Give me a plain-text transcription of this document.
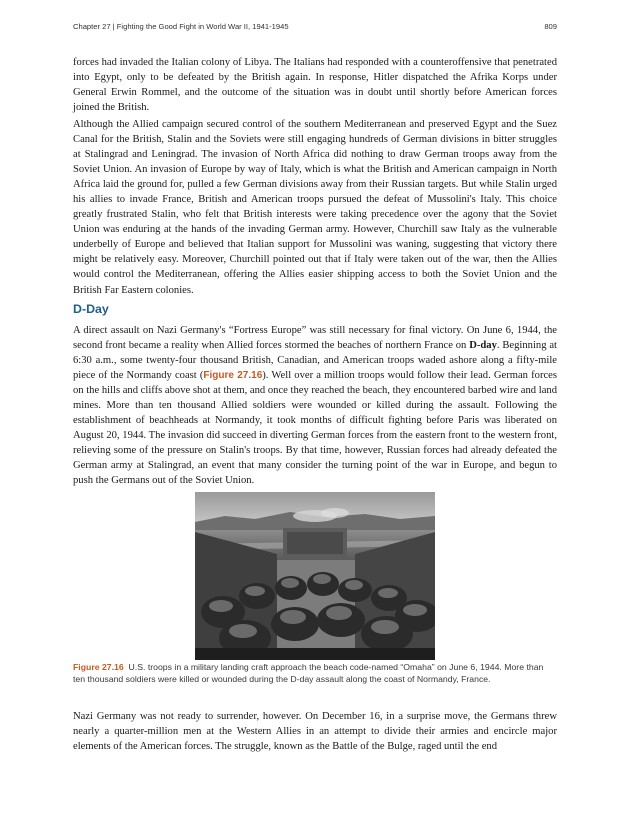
Chapter 27 | Fighting the Good Fight in World War II, 1941-1945	809

forces had invaded the Italian colony of Libya. The Italians had responded with a counteroffensive that penetrated into Egypt, only to be defeated by the British again. In response, Hitler dispatched the Afrika Korps under General Erwin Rommel, and the outcome of the situation was in doubt until shortly before American forces joined the British.

Although the Allied campaign secured control of the southern Mediterranean and preserved Egypt and the Suez Canal for the British, Stalin and the Soviets were still engaging hundreds of German divisions in bitter struggles at Stalingrad and Leningrad. The invasion of North Africa did nothing to draw German troops away from the Soviet Union. An invasion of Europe by way of Italy, which is what the British and American campaign in North Africa laid the ground for, pulled a few German divisions away from their Russian targets. But while Stalin urged his allies to invade France, British and American troops pursued the defeat of Mussolini's Italy. This choice greatly frustrated Stalin, who felt that British interests were taking precedence over the agony that the Soviet Union was enduring at the hands of the invading German army. However, Churchill saw Italy as the vulnerable underbelly of Europe and believed that Italian support for Mussolini was waning, suggesting that victory there might be relatively easy. Moreover, Churchill pointed out that if Italy were taken out of the war, then the Allies would control the Mediterranean, offering the Allies easier shipping access to both the Soviet Union and the British Far Eastern colonies.

D-Day

A direct assault on Nazi Germany's “Fortress Europe” was still necessary for final victory. On June 6, 1944, the second front became a reality when Allied forces stormed the beaches of northern France on D-day. Beginning at 6:30 a.m., some twenty-four thousand British, Canadian, and American troops waded ashore along a fifty-mile piece of the Normandy coast (Figure 27.16). Well over a million troops would follow their lead. German forces on the hills and cliffs above shot at them, and once they reached the beach, they encountered barbed wire and land mines. More than ten thousand Allied soldiers were wounded or killed during the assault. Following the establishment of beachheads at Normandy, it took months of difficult fighting before Paris was liberated on August 20, 1944. The invasion did succeed in diverting German forces from the eastern front to the western front, relieving some of the pressure on Stalin's troops. By that time, however, Russian forces had already defeated the German army at Stalingrad, an event that many consider the turning point of the war in Europe, and begun to push the Germans out of the Soviet Union.

Figure 27.16 U.S. troops in a military landing craft approach the beach code-named “Omaha” on June 6, 1944. More than ten thousand soldiers were killed or wounded during the D-day assault along the coast of Normandy, France.

Nazi Germany was not ready to surrender, however. On December 16, in a surprise move, the Germans threw nearly a quarter-million men at the Western Allies in an attempt to divide their armies and encircle major elements of the American forces. The struggle, known as the Battle of the Bulge, raged until the end
